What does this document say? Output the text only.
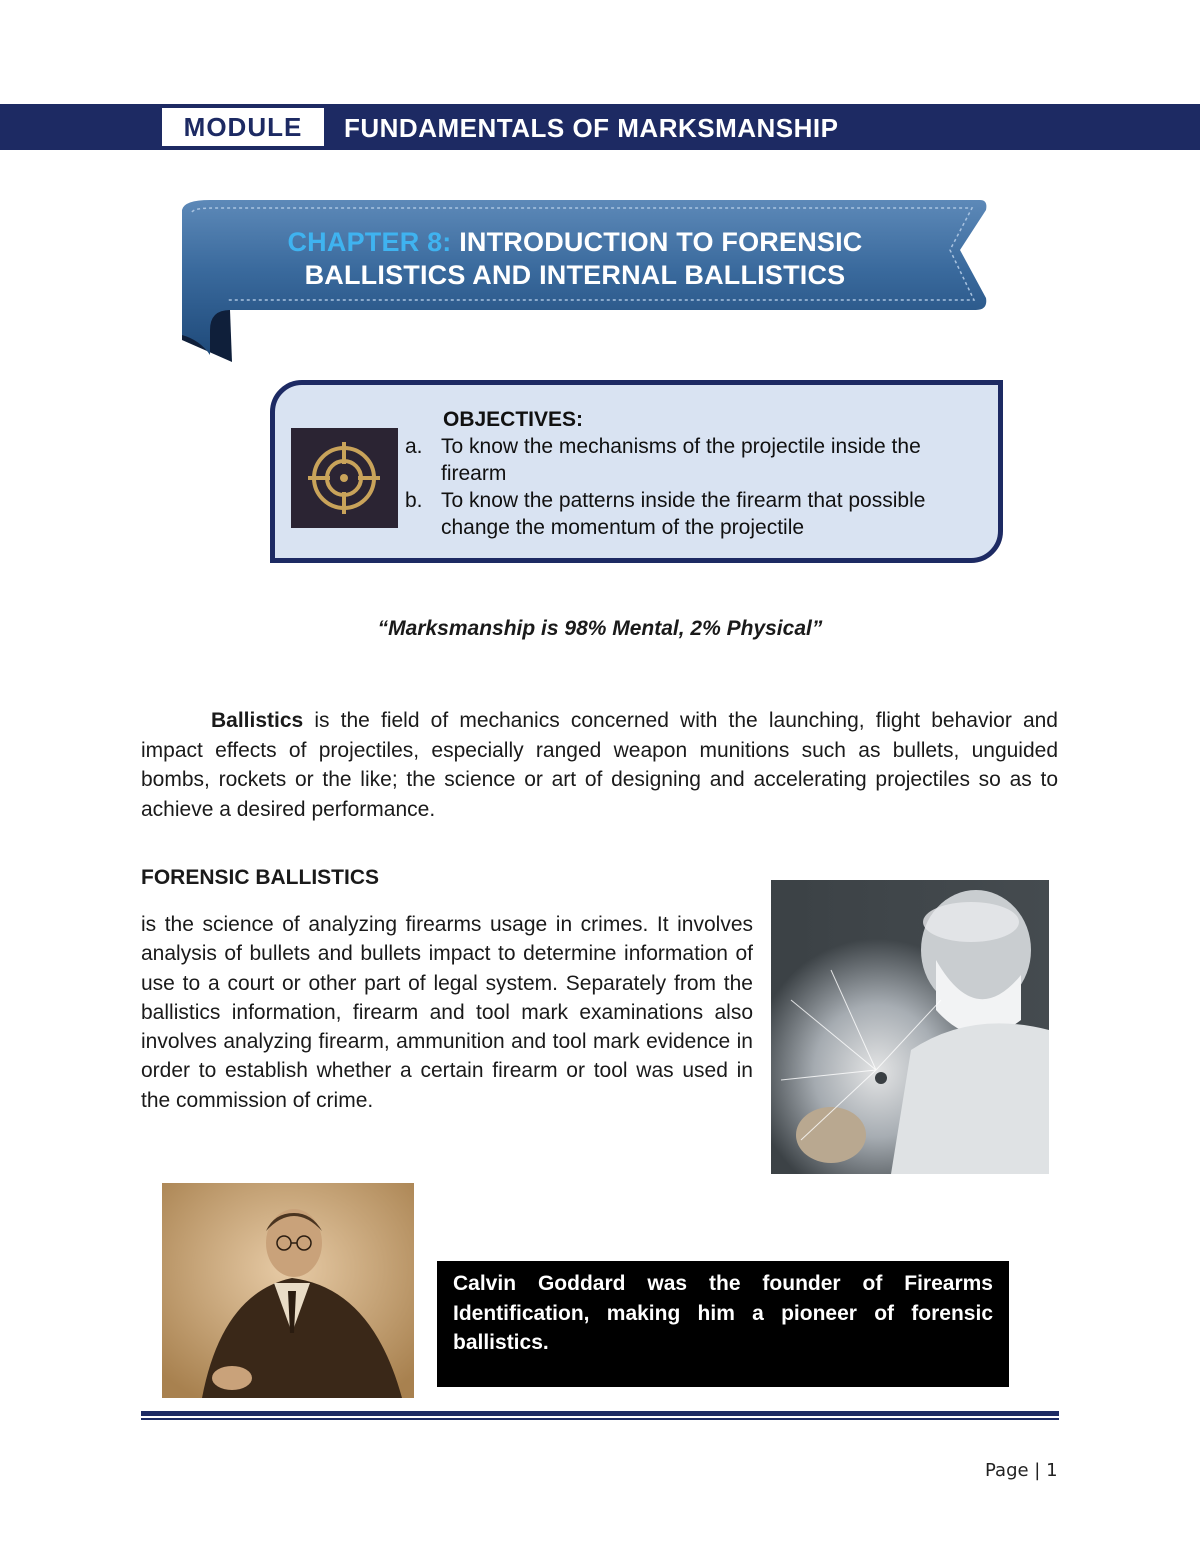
MODULE	FUNDAMENTALS OF MARKSMANSHIP
CHAPTER 8: INTRODUCTION TO FORENSIC
BALLISTICS AND INTERNAL BALLISTICS
OBJECTIVES:
a. To know the mechanisms of the projectile inside the firearm
b. To know the patterns inside the firearm that possible change the momentum of the projectile
“Marksmanship is 98% Mental, 2% Physical”

Ballistics is the field of mechanics concerned with the launching, flight behavior and impact effects of projectiles, especially ranged weapon munitions such as bullets, unguided bombs, rockets or the like; the science or art of designing and accelerating projectiles so as to achieve a desired performance.

FORENSIC BALLISTICS

is the science of analyzing firearms usage in crimes. It involves analysis of bullets and bullets impact to determine information of use to a court or other part of legal system. Separately from the ballistics information, firearm and tool mark examinations also involves analyzing firearm, ammunition and tool mark evidence in order to establish whether a certain firearm or tool was used in the commission of crime.

Calvin Goddard was the founder of Firearms Identification, making him a pioneer of forensic ballistics.
Page | 1
